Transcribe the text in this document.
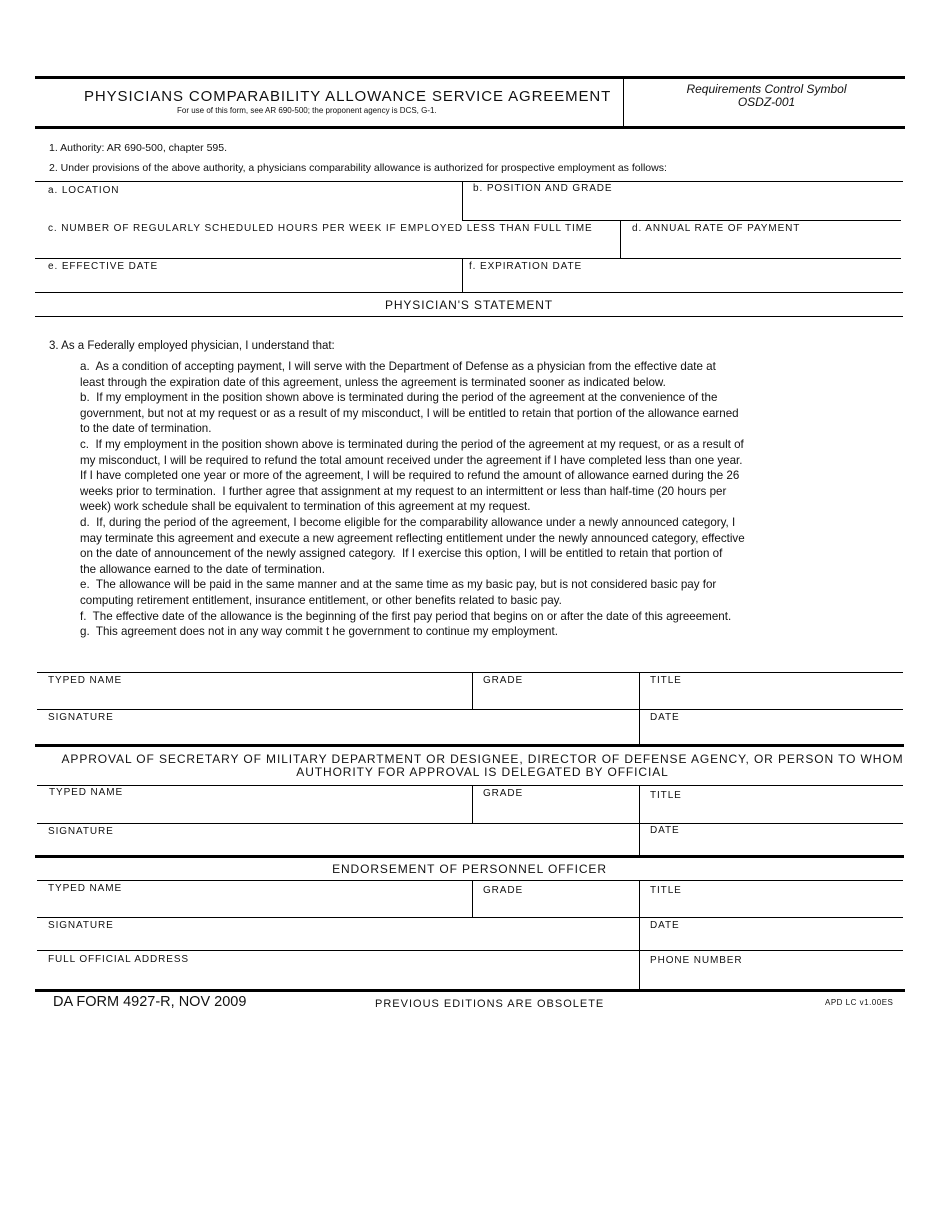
PHYSICIANS COMPARABILITY ALLOWANCE SERVICE AGREEMENT
For use of this form, see AR 690-500; the proponent agency is DCS, G-1.
Requirements Control Symbol
OSDZ-001
1. Authority: AR 690-500, chapter 595.
2. Under provisions of the above authority, a physicians comparability allowance is authorized for prospective employment as follows:
a. LOCATION	b. POSITION AND GRADE
c. NUMBER OF REGULARLY SCHEDULED HOURS PER WEEK IF EMPLOYED LESS THAN FULL TIME	d. ANNUAL RATE OF PAYMENT
e. EFFECTIVE DATE	f. EXPIRATION DATE
PHYSICIAN'S STATEMENT
3. As a Federally employed physician, I understand that:
a.  As a condition of accepting payment, I will serve with the Department of Defense as a physician from the effective date at
least through the expiration date of this agreement, unless the agreement is terminated sooner as indicated below.
b.  If my employment in the position shown above is terminated during the period of the agreement at the convenience of the
government, but not at my request or as a result of my misconduct, I will be entitled to retain that portion of the allowance earned
to the date of termination.
c.  If my employment in the position shown above is terminated during the period of the agreement at my request, or as a result of
my misconduct, I will be required to refund the total amount received under the agreement if I have completed less than one year.
If I have completed one year or more of the agreement, I will be required to refund the amount of allowance earned during the 26
weeks prior to termination.  I further agree that assignment at my request to an intermittent or less than half-time (20 hours per
week) work schedule shall be equivalent to termination of this agreement at my request.
d.  If, during the period of the agreement, I become eligible for the comparability allowance under a newly announced category, I
may terminate this agreement and execute a new agreement reflecting entitlement under the newly announced category, effective
on the date of announcement of the newly assigned category.  If I exercise this option, I will be entitled to retain that portion of
the allowance earned to the date of termination.
e.  The allowance will be paid in the same manner and at the same time as my basic pay, but is not considered basic pay for
computing retirement entitlement, insurance entitlement, or other benefits related to basic pay.
f.  The effective date of the allowance is the beginning of the first pay period that begins on or after the date of this agreeement.
g.  This agreement does not in any way commit t he government to continue my employment.
TYPED NAME	GRADE	TITLE
SIGNATURE	DATE
APPROVAL OF SECRETARY OF MILITARY DEPARTMENT OR DESIGNEE, DIRECTOR OF DEFENSE AGENCY, OR PERSON TO WHOM
AUTHORITY FOR APPROVAL IS DELEGATED BY OFFICIAL
TYPED NAME	GRADE	TITLE
SIGNATURE	DATE
ENDORSEMENT OF PERSONNEL OFFICER
TYPED NAME	GRADE	TITLE
SIGNATURE	DATE
FULL OFFICIAL ADDRESS	PHONE NUMBER
DA FORM 4927-R, NOV 2009	PREVIOUS EDITIONS ARE OBSOLETE	APD LC v1.00ES
